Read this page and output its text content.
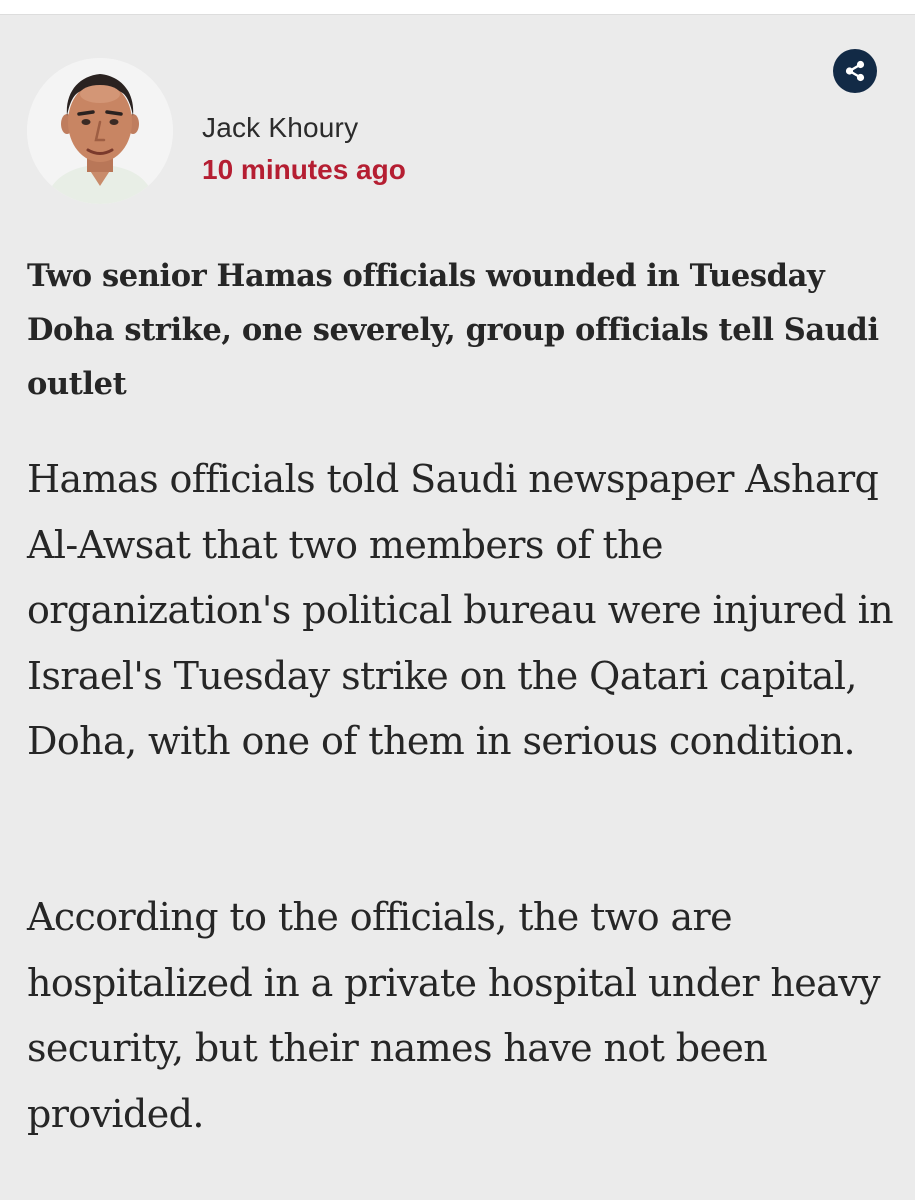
Jack Khoury
10 minutes ago
Two senior Hamas officials wounded in Tuesday Doha strike, one severely, group officials tell Saudi outlet

Hamas officials told Saudi newspaper Asharq Al-Awsat that two members of the organization's political bureau were injured in Israel's Tuesday strike on the Qatari capital, Doha, with one of them in serious condition.

According to the officials, the two are hospitalized in a private hospital under heavy security, but their names have not been provided.
